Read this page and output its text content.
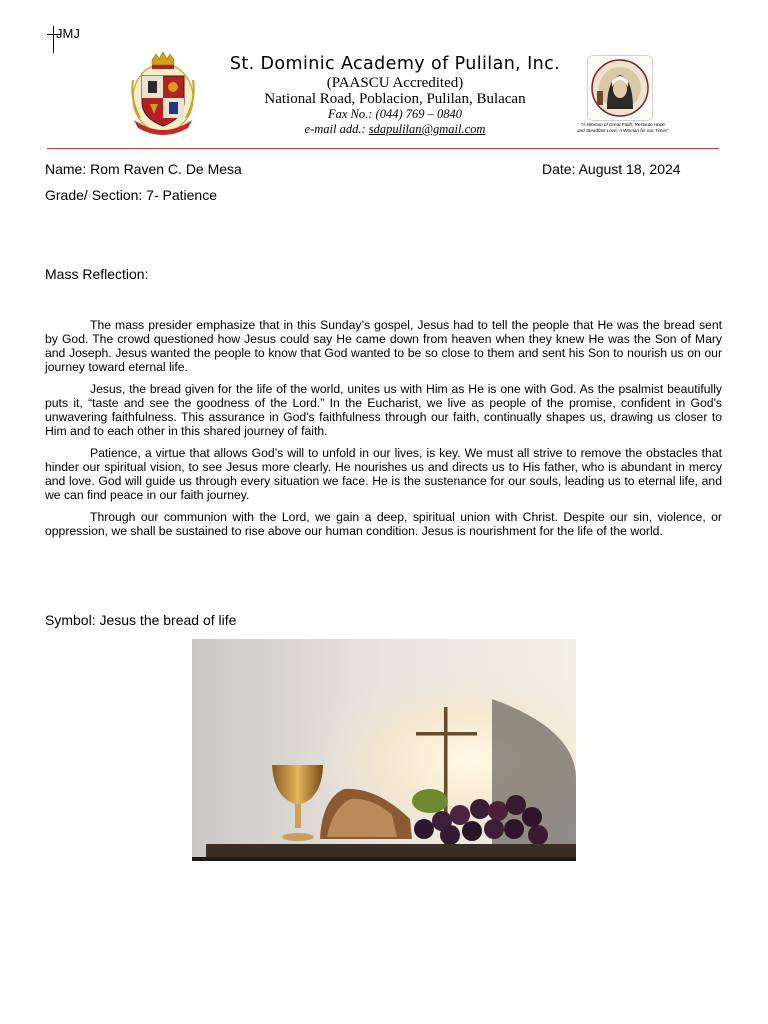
JMJ
St. Dominic Academy of Pulilan, Inc.
(PAASCU Accredited)
National Road, Poblacion, Pulilan, Bulacan
Fax No.: (044) 769 – 0840
e-mail add.: sdapulilan@gmail.com	"A Woman of Great Faith, Resolute Hope
and Steadfast Love; A Woman for our Times"
Name: Rom Raven C. De Mesa	Date: August 18, 2024
Grade/ Section: 7- Patience
Mass Reflection:

The mass presider emphasize that in this Sunday’s gospel, Jesus had to tell the people that He was the bread sent by God. The crowd questioned how Jesus could say He came down from heaven when they knew He was the Son of Mary and Joseph. Jesus wanted the people to know that God wanted to be so close to them and sent his Son to nourish us on our journey toward eternal life.

Jesus, the bread given for the life of the world, unites us with Him as He is one with God. As the psalmist beautifully puts it, “taste and see the goodness of the Lord.” In the Eucharist, we live as people of the promise, confident in God's unwavering faithfulness. This assurance in God's faithfulness through our faith, continually shapes us, drawing us closer to Him and to each other in this shared journey of faith.

Patience, a virtue that allows God’s will to unfold in our lives, is key. We must all strive to remove the obstacles that hinder our spiritual vision, to see Jesus more clearly. He nourishes us and directs us to His father, who is abundant in mercy and love. God will guide us through every situation we face. He is the sustenance for our souls, leading us to eternal life, and we can find peace in our faith journey.

Through our communion with the Lord, we gain a deep, spiritual union with Christ. Despite our sin, violence, or oppression, we shall be sustained to rise above our human condition. Jesus is nourishment for the life of the world.

Symbol: Jesus the bread of life
